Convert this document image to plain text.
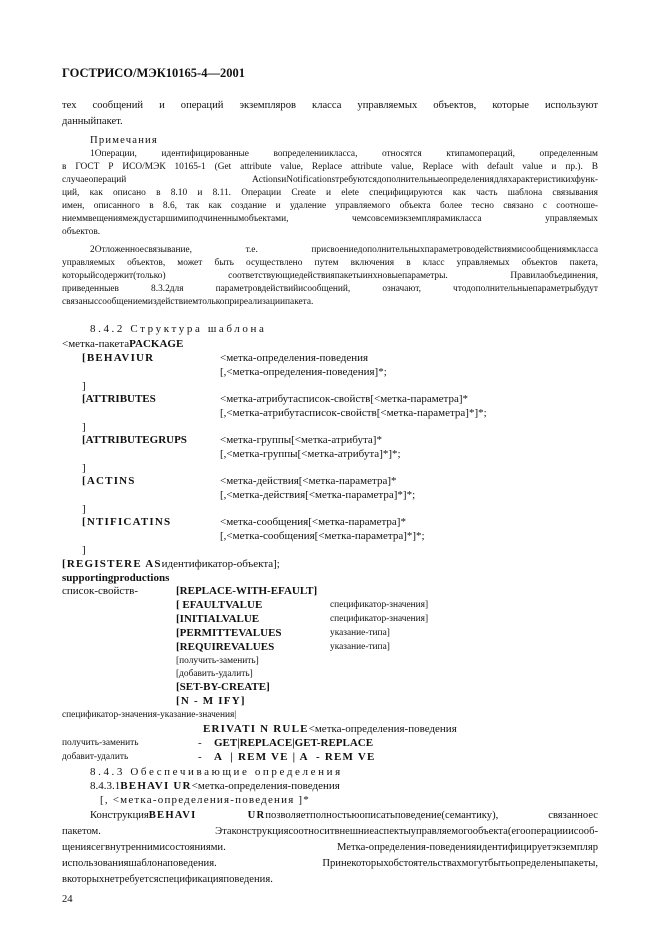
ГОСТРИСО/МЭК10165-4—2001
тех сообщений и операций экземпляров класса управляемых объектов, которые используют
данныйпакет.
Примечания
1Операции, идентифицированные вопределениикласса, относятся ктипамопераций, определенным
в ГОСТ Р ИСО/МЭК 10165-1 (Get attribute value, Replace attribute value, Replace with default value и пр.). В
случаеопераций ActionsиNotificationsтребуютсядополнительныеопределениядляхарактеристикихфунк-
ций, как описано в 8.10 и 8.11. Операции Create и elete специфицируются как часть шаблона связывания
имен, описанного в 8.6, так как создание и удаление управляемого объекта более тесно связано с соотноше-
ниеммвещениямеждустаршимиподчиненнымобъектами, чемсовсемиэкземплярамикласса управляемых
объектов.
2Отложенноесвязывание, т.е. присвоениедополнительныхпараметроводействиямисообщениямкласса
управляемых объектов, может быть осуществлено путем включения в класс управляемых объектов пакета,
которыйсодержит(только) соответствующиедействияпакетыинхновыепараметры. Правилаобъединения,
приведенныев 8.3.2для параметровдействийисообщений, означают, чтодополнительныепараметрыбудут
связаныссообщениемиздействиемтолькоприреализациипакета.
8.4.2 Структура шаблона
<метка-пакетаPACKAGE
[BEHAVIUR	<метка-определения-поведения
[,<метка-определения-поведения]*;
]
[ATTRIBUTES	<метка-атрибутасписок-свойств[<метка-параметра]*
[,<метка-атрибутасписок-свойств[<метка-параметра]*]*;
]
[ATTRIBUTEGRUPS	<метка-группы[<метка-атрибута]*
[,<метка-группы[<метка-атрибута]*]*;
]
[ACTINS	<метка-действия[<метка-параметра]*
[,<метка-действия[<метка-параметра]*]*;
]
[NTIFICATINS	<метка-сообщения[<метка-параметра]*
[,<метка-сообщения[<метка-параметра]*]*;
]
[REGISTERE ASидентификатор-объекта];
supportingproductions
список-свойств-	[REPLACE-WITH-EFAULT]
[ EFAULTVALUE	спецификатор-значения]
[INITIALVALUE	спецификатор-значения]
[PERMITTEVALUES	указание-типа]
[REQUIREVALUES	указание-типа]
[получить-заменить]
[добавить-удалить]
[SET-BY-CREATE]
[N - M IFY]
спецификатор-значения-указание-значения|
ERIVATI N RULE<метка-определения-поведения
получить-заменить	- GET|REPLACE|GET-REPLACE
добавит-удалить	- A  | REM VE | A  - REM VE
8.4.3 Обеспечивающие определения
8.4.3.1BEHAVI UR<метка-определения-поведения
[, <метка-определения-поведения ]*
КонструкцияBEHAVI URпозволяетполностьюописатьповедение(семантику), связанноес
пакетом. Этаконструкцияcоотноситвнешниеаспектыуправляемогообъекта(егооперациииcooб-
щениясегвнутреннимисостояниями. Метка-определения-поведенияидентифицируетэкземпляр
использованияшаблонаповедения. Принекоторыхобстоятельствахмогутбытьопределеныпакеты,
вкоторыхнетребуетсяспецификацияповедения.
24
